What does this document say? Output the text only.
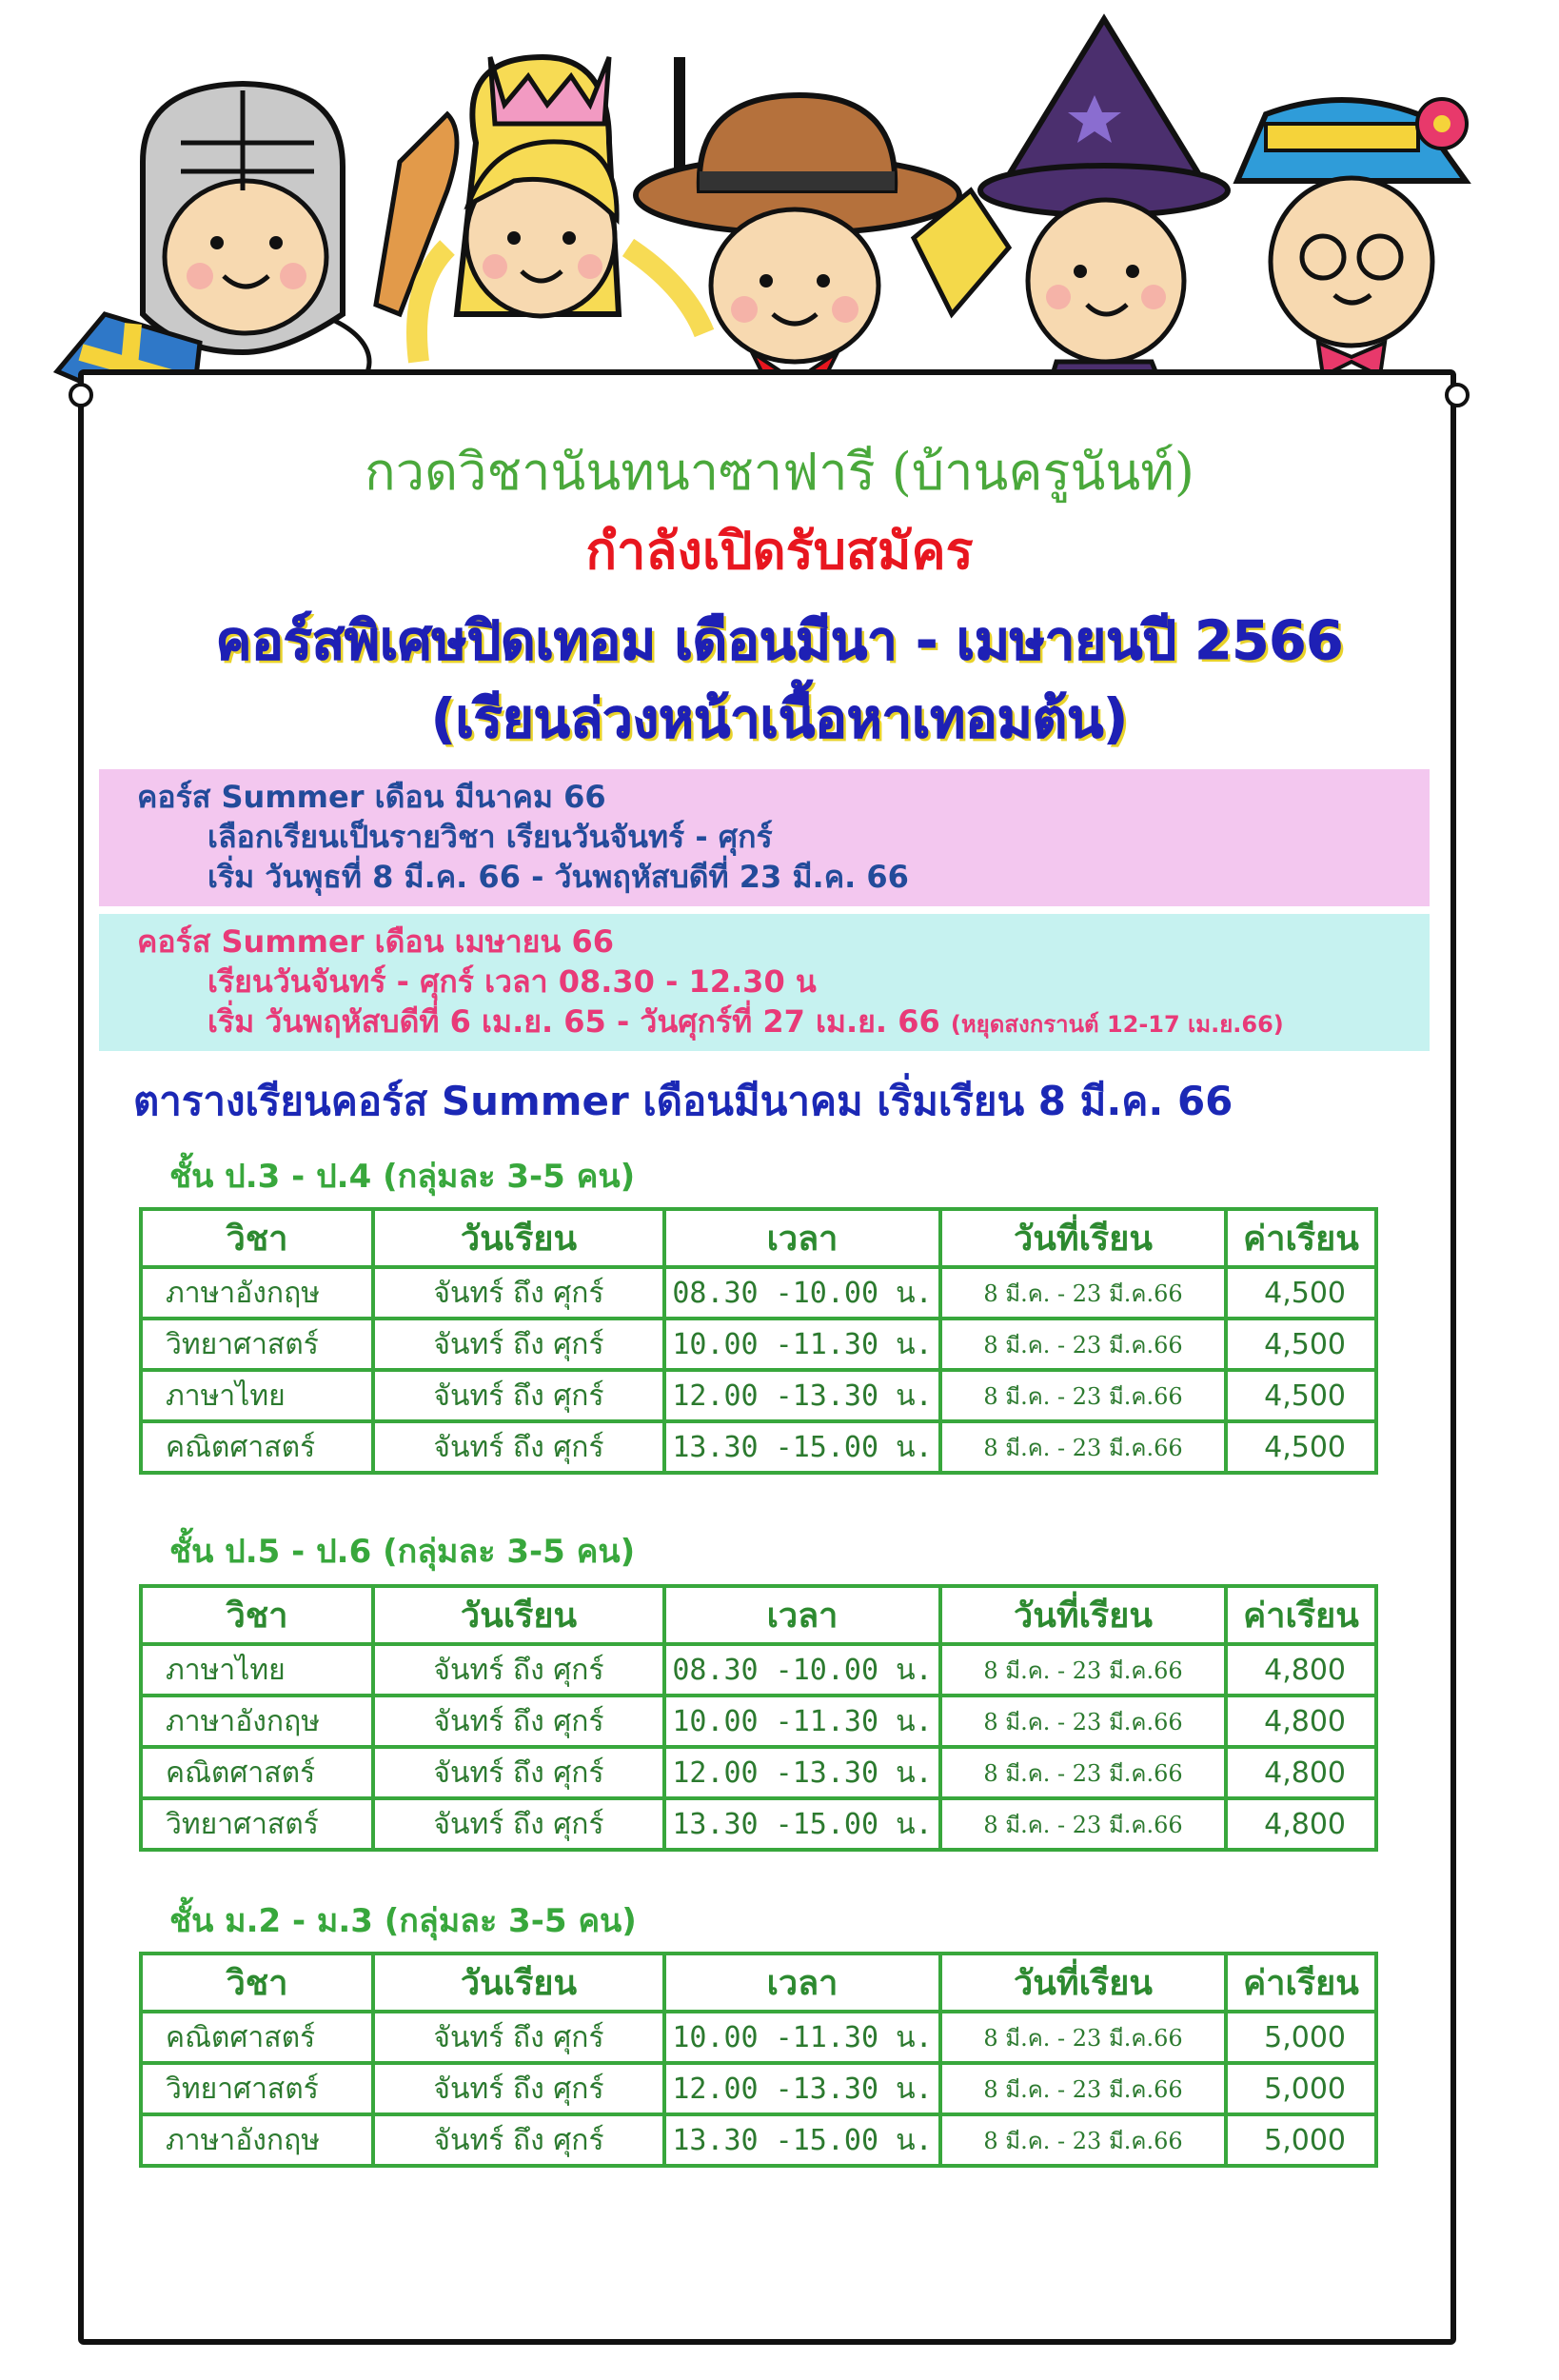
กวดวิชานันทนาซาฟารี (บ้านครูนันท์)
กำลังเปิดรับสมัคร
คอร์สพิเศษปิดเทอม เดือนมีนา - เมษายนปี 2566
(เรียนล่วงหน้าเนื้อหาเทอมต้น)
คอร์ส Summer เดือน มีนาคม 66
เลือกเรียนเป็นรายวิชา เรียนวันจันทร์ - ศุกร์
เริ่ม วันพุธที่ 8 มี.ค. 66 - วันพฤหัสบดีที่ 23 มี.ค. 66
คอร์ส Summer เดือน เมษายน 66
เรียนวันจันทร์ - ศุกร์ เวลา 08.30 - 12.30 น
เริ่ม วันพฤหัสบดีที่ 6 เม.ย. 65 - วันศุกร์ที่ 27 เม.ย. 66 (หยุดสงกรานต์ 12-17 เม.ย.66)
ตารางเรียนคอร์ส Summer เดือนมีนาคม เริ่มเรียน 8 มี.ค. 66
ชั้น ป.3 - ป.4 (กลุ่มละ 3-5 คน)
วิชา	วันเรียน	เวลา	วันที่เรียน	ค่าเรียน
ภาษาอังกฤษ	จันทร์ ถึง ศุกร์	08.30 -10.00 น.	8 มี.ค. - 23 มี.ค.66	4,500
วิทยาศาสตร์	จันทร์ ถึง ศุกร์	10.00 -11.30 น.	8 มี.ค. - 23 มี.ค.66	4,500
ภาษาไทย	จันทร์ ถึง ศุกร์	12.00 -13.30 น.	8 มี.ค. - 23 มี.ค.66	4,500
คณิตศาสตร์	จันทร์ ถึง ศุกร์	13.30 -15.00 น.	8 มี.ค. - 23 มี.ค.66	4,500
ชั้น ป.5 - ป.6 (กลุ่มละ 3-5 คน)
วิชา	วันเรียน	เวลา	วันที่เรียน	ค่าเรียน
ภาษาไทย	จันทร์ ถึง ศุกร์	08.30 -10.00 น.	8 มี.ค. - 23 มี.ค.66	4,800
ภาษาอังกฤษ	จันทร์ ถึง ศุกร์	10.00 -11.30 น.	8 มี.ค. - 23 มี.ค.66	4,800
คณิตศาสตร์	จันทร์ ถึง ศุกร์	12.00 -13.30 น.	8 มี.ค. - 23 มี.ค.66	4,800
วิทยาศาสตร์	จันทร์ ถึง ศุกร์	13.30 -15.00 น.	8 มี.ค. - 23 มี.ค.66	4,800
ชั้น ม.2 - ม.3 (กลุ่มละ 3-5 คน)
วิชา	วันเรียน	เวลา	วันที่เรียน	ค่าเรียน
คณิตศาสตร์	จันทร์ ถึง ศุกร์	10.00 -11.30 น.	8 มี.ค. - 23 มี.ค.66	5,000
วิทยาศาสตร์	จันทร์ ถึง ศุกร์	12.00 -13.30 น.	8 มี.ค. - 23 มี.ค.66	5,000
ภาษาอังกฤษ	จันทร์ ถึง ศุกร์	13.30 -15.00 น.	8 มี.ค. - 23 มี.ค.66	5,000
